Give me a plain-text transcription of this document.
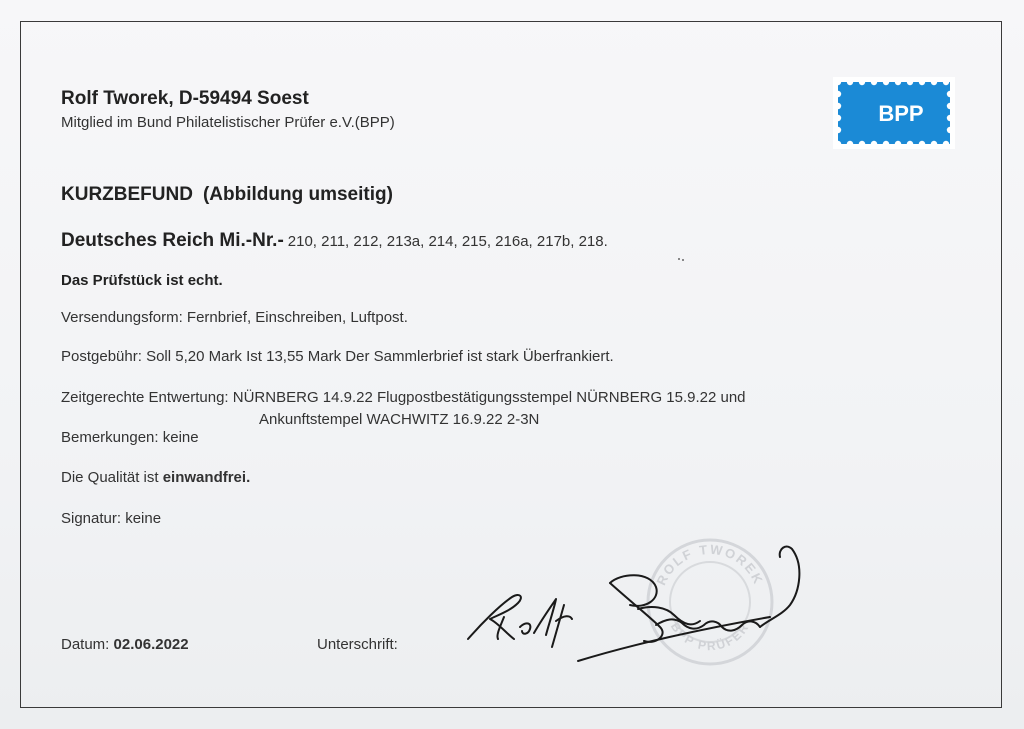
Rolf Tworek, D-59494 Soest
Mitglied im Bund Philatelistischer Prüfer e.V.(BPP)	BPP
KURZBEFUND (Abbildung umseitig)
Deutsches Reich Mi.-Nr.- 210, 211, 212, 213a, 214, 215, 216a, 217b, 218.
Das Prüfstück ist echt.
Versendungsform: Fernbrief, Einschreiben, Luftpost.
Postgebühr: Soll 5,20 Mark Ist 13,55 Mark Der Sammlerbrief ist stark Überfrankiert.
Zeitgerechte Entwertung: NÜRNBERG 14.9.22 Flugpostbestätigungsstempel NÜRNBERG 15.9.22 und
Ankunftstempel WACHWITZ 16.9.22 2-3N
Bemerkungen: keine
Die Qualität ist einwandfrei.
Signatur: keine
Datum: 02.06.2022	Unterschrift:
ROLF TWOREK
BPP PRÜFER
